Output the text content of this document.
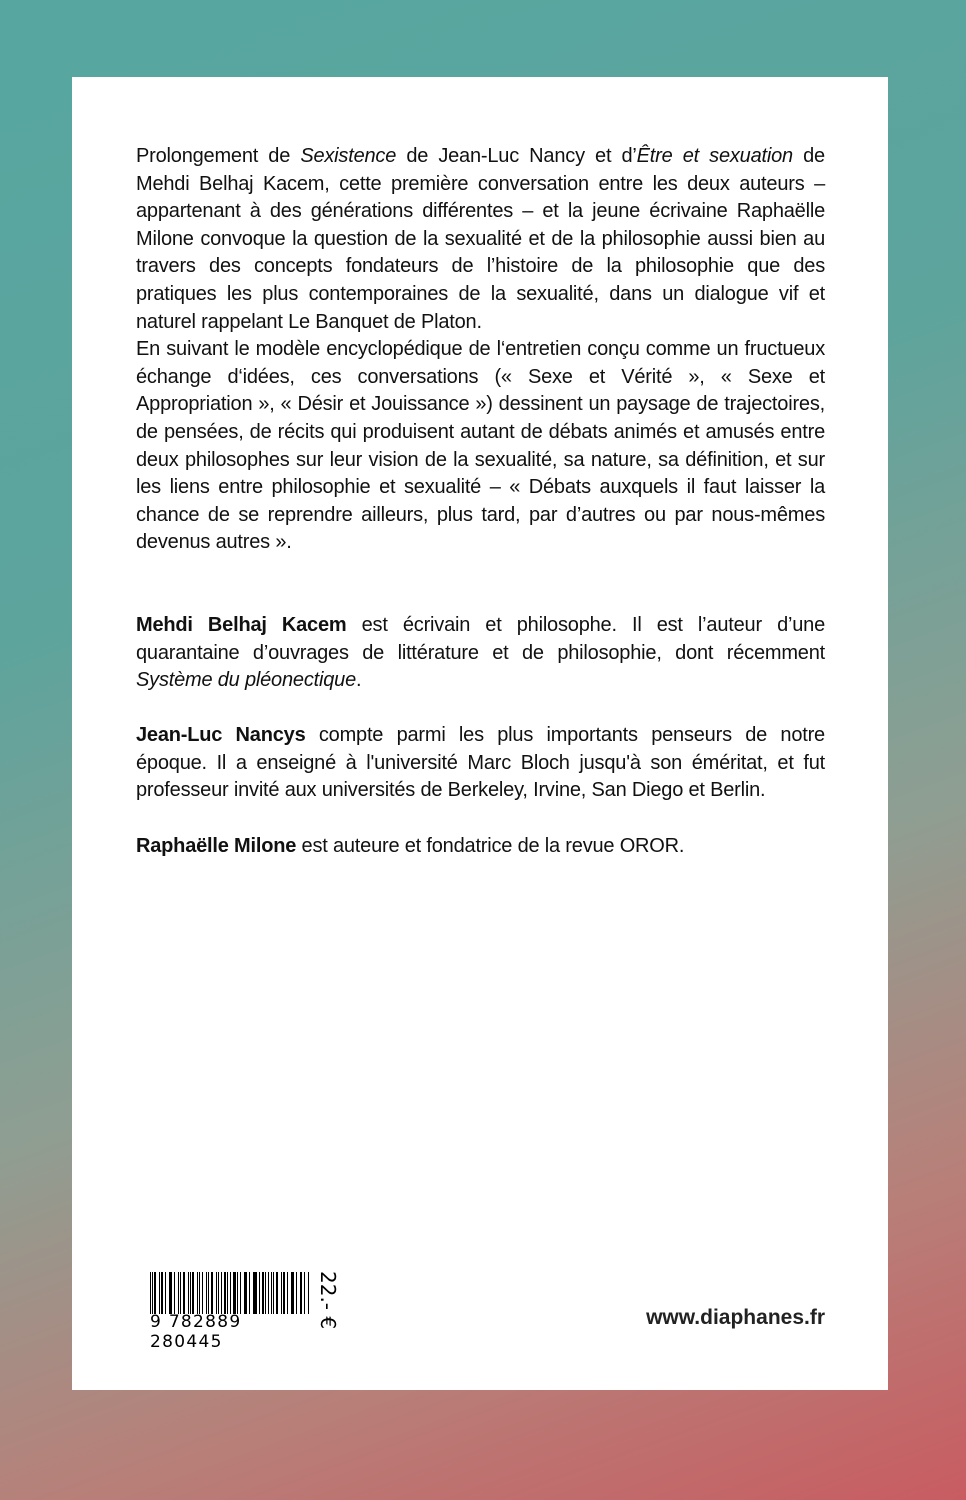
Prolongement de Sexistence de Jean-Luc Nancy et d’Être et sexuation de Mehdi Belhaj Kacem, cette première conversation entre les deux auteurs – appartenant à des générations différentes – et la jeune écrivaine Raphaëlle Milone convoque la question de la sexualité et de la philosophie aussi bien au travers des concepts fondateurs de l’histoire de la philosophie que des pratiques les plus contemporaines de la sexualité, dans un dialogue vif et naturel rappelant Le Banquet de Platon.

En suivant le modèle encyclopédique de l‘entretien conçu comme un fructueux échange d‘idées, ces conversations (« Sexe et Vérité », « Sexe et Appropriation », « Désir et Jouissance ») dessinent un paysage de trajectoires, de pensées, de récits qui produisent autant de débats animés et amusés entre deux philosophes sur leur vision de la sexualité, sa nature, sa définition, et sur les liens entre philosophie et sexualité – « Débats auxquels il faut laisser la chance de se reprendre ailleurs, plus tard, par d’autres ou par nous-mêmes devenus autres ».

Mehdi Belhaj Kacem est écrivain et philosophe. Il est l’auteur d’une quarantaine d’ouvrages de littérature et de philosophie, dont récemment Système du pléonectique.

Jean-Luc Nancys compte parmi les plus importants penseurs de notre époque. Il a enseigné à l'université Marc Bloch jusqu'à son éméritat, et fut professeur invité aux universités de Berkeley, Irvine, San Diego et Berlin.

Raphaëlle Milone est auteure et fondatrice de la revue OROR.

9 782889 280445
22.- €	www.diaphanes.fr
